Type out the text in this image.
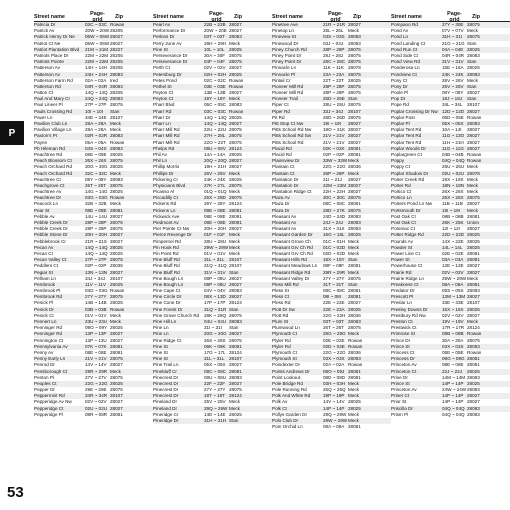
P
Street name	Page- grid	Zip
Patricia Dr	03C ~ 03C Rowan
Patrick Av	20W ~ 20W 28205
Patrick Henry Dr Ne	06W ~ 06W 28027
Patriot Ct Ne	06W ~ 06W 28027
Patriot Plantation Blvd	21M ~ 21M 28227
Patriots Place Dr	22M ~ 22M 28205
Patriots Pointe	22M ~ 22M 28205
Patterson Av	14H ~ 14H 28205
Patterson Av	24H ~ 24H 28083
Patterson Farm Rd	02A ~ 02A Ired
Patterson Rd	04R ~ 04R 28083
Patton Ct	14Q ~ 14Q 28205
Paul And Mary Cr	24Q ~ 24Q 28083
Paul Lineer Pl	27P ~ 27P 28075
Pauls Crossing Rd	10I ~ 10I	Stan
Paver Ln	34E ~ 34E 28107
Pavilion Club Ln	28A ~ 28A Meck
Pavilion Village Ln	28A ~ 28A Meck
Paxton's Pt	02R ~ 02R 28083
Payne	05A ~ 05A Rowan
Pb Hileman Rd	04S ~ 04S 28083
Peachtree Rd	06E ~ 06E 28025
Peach Blossom Ct	26X ~ 26X 28075
Peach Orchard Rd	30G ~ 30G 28025
Peach Orchard Rd	32C ~ 32C Meck
Peachtree Ct	08Y ~ 08Y 28083
Peachgrove Ct	26T ~ 26T 28075
Peachtree Av	14G ~ 14G 28025
Peachtree Dr	03G ~ 03G Rowan
Peacock Ln	32B ~ 32B Meck
Pear St	08E ~ 08E 28081
Pebble Av	14U ~ 14U 28027
Pebble Creek Dr	28P ~ 28P 28075
Pebble Creek Dr	28P ~ 28P 28075
Pebble Stone Dr	20H ~ 20H 28027
Pebblebrook Cr	21R ~ 21S 28027
Pecan Av	14Q ~ 14Q 28025
Pecan Ct	14Q ~ 14Q 28025
Pecan Valley Ct	27P ~ 27P 28075
Peddlers Ct	02P ~ 02P 28036
Pegiar St	13N ~ 13N 28027
Pelham Ln	34J ~ 34J	28107
Pembrook	11V ~ 11V 28025
Pembrook Pl	03G ~ 03G Rowan
Pembrook Rd	27Y ~ 27Y 28075
Penick Pl	14B ~ 14B 28025
Penick Dr	03B ~ 03B Rowan
Penick Ct	01V ~ 01V Meck
Pennert Ln	23U ~ 23U Meck
Penninger Rd	09O ~ 09Y 28025
Penninger Rd	13P ~ 13P 28027
Pennington Ct	13P ~ 13U 28027
Pennsylvania Av	07K ~ 07K 28081
Penny Av	08E ~ 08E 28081
Penny Early Ln	21V ~ 21V 28075
Penrod Dr	14V ~ 14V 28027
Pensborough Ct	29R ~ 29R Meck
Penton Pl	27V ~ 27V 28075
Peoples Ct	22G ~ 22G 28025
Pepper Dr	29E ~ 29E 28075
Peppermint Rd	34R ~ 34R 28107
Pepperidge Av Nw	02V ~ 02V 28027
Pepperidge Ct	02U ~ 02U 28027
Pepperidge Pl	08R ~ 08R 28081
Street name	Page- grid	Zip
Pearl Av	22B ~ 22B 28027
Performance Dr	20W ~ 20E 28027
Perkins Dr	03T ~ 03T 28083
Perry June Av	29H ~ 29H Meck
Pine St	10L ~ 10L 28025
Perseverance Dr	30A ~ 30F 28075
Perseverance Dr	04F ~ 04F 28075
Perth Ct	02V ~ 02V 28027
Petersburg Dr	02H ~ 02H 28025
Petes Pond	02C ~ 02C Rowan
Pethel St	03E ~ 03E Rowan
Peyton Ct	13B ~ 13B 28027
Peyton Ct	19Y ~ 19Y Meck
Pharr Blvd	05C ~ 05C 28083
Pharr Rd	03C ~ 03C Rowan
Pharr Dr	14Q ~ 14Q 28025
Pharr Ln	14Q ~ 14Q 28027
Pharr Mill Rd	22U ~ 22U 28075
Pharr Mill Rd	27H ~ 28L 28075
Pharr Mill Rd	22O ~ 22T 28075
Phelps Rd	08U ~ 06V 28124
Phil Av	14A ~ 14A 28025
Phil Ln	20Q ~ 20Q 28027
Phillip Morris	19H ~ 21H 28027
Phillips Dr	26V ~ 26V Meck
Pickering Cr	24K ~ 24K 28025
Physicians Blvd	27K ~ 27L 28075
Picasso Al	01Q ~ 01Q Meck
Piccadilly Cr	26X ~ 29D 28075
Pickens Rd	29Y ~ 29Y 28124
Pickens Ln	08E ~ 08E 28081
Pickwick Ave	08E ~ 08E 28081
Piedmont Av	08E ~ 08E 28081
Pier Pointe Ct Nw	20H ~ 20H 28027
Pierce Revenge Dr	01F ~ 01F Meck
Pimpernel Rd	28U ~ 28U Meck
Pin Hook Rd	29W ~ 29W Meck
Pin Point Rd	01V ~ 01V Meck
Pine Bluff Rd	31L ~ 31L 28107
Pine Bluff Rd	31Q ~ 31Q 28107
Pine Bluff Rd	31V ~ 31V Stan
Pine Bough Ln	08P ~ 08U 28027
Pine Bough Ln	08P ~ 08U 28027
Pine Cape Ct	04V ~ 04V 28083
Pine Circle Dr	08X ~ 13D 28027
Pine Cone Dr	17P ~ 17P 28124
Pine Forest Dr	31Q ~ 31R Stan
Pine Grove Church Rd	28K ~ 28Q 28075
Pine Hill Ln	04U ~ 04U 28083
Pine Ln	31I ~ 31I	Stan
Pine Ln	20G ~ 20G 28027
Pine Ridge Ct	26S ~ 26S 28075
Pine St	06K ~ 06K 28081
Pine St	17G ~ 17L 28124
Pine St	31L ~ 31L 28107
Pine Trail Ln	05X ~ 05X 28027
Pinebluff Cr	08C ~ 08C 28081
Pinecrest Dr	08U ~ 08U 28083
Pinecrest Dr	22F ~ 22F 28027
Pinecrest Dr	27Y ~ 27Y 28075
Pinecrest Dr	18T ~ 18T 28124
Pineland Dr	25V ~ 25V Meck
Pineland Dr	29Q ~ 29W Meck
Pineridge Cr	14E ~ 14E 28025
Pineridge Dr	31H ~ 31H Stan
Street name	Page- grid	Zip
Pinetree Ave	21R ~ 21R 28027
Pinetop Ln	26L ~ 26L Meck
Pineview St	03S ~ 03S 28083
Pinewood Dr	03J ~ 03J	28083
Piney Church Rd	28P ~ 28P 28075
Piney Point Dr	28J ~ 28J	28075
Piney Point Dr	28C ~ 28C 28075
Pinnacle Ln	11K ~ 11K 28078
Pinnacle Pl	23A ~ 23A 28075
Pintail Cr	22T ~ 22T 28025
Pioneer Mill Rd	28P ~ 28P 28075
Pioneer Mill Rd	28P ~ 28P 28075
Pioneer Trail	25D ~ 25E Stan
Piper Ct	28U ~ 28U 28075
Piper Rd	33J ~ 34J	28107
Pit Rd	26D ~ 26D 28075
Pitt Stop Ct Nw	19I ~ 19I	28027
Pitts School Rd Nw	19O ~ 21K 28027
Pitts School Rd Sw	21V ~ 21V 28027
Pitts School Rd	21V ~ 21V 28027
Placid Rd	02K ~ 02K 28081
Placid Rd	02P ~ 02P 28081
Plainsview Dr	33W ~ 33W Meck
Plantain Ct	22G ~ 22G 28036
Plantain Ct	26P ~ 26P Meck
Plantation Dr	21I ~ 21J	28027
Plantation Dr	22M ~ 22M 28027
Plantation Ridge Ct	22H ~ 22H 28027
Plaza Av	30C ~ 30C 28075
Plaza Dr	08C ~ 08C 28081
Plaza Dr	28D ~ 27K 28075
Pleasant Av	24D ~ 24D 28083
Pleasant Av	24J ~ 24J	28083
Pleasant Av	31X ~ 31X 28083
Pleasant Garden Dr	16G ~ 16L 28025
Pleasant Grove Ch	01C ~ 01H Meck
Pleasant Grv Ch Rd	01C ~ 02D Meck
Pleasant Grv Ch Rd	02D ~ 02D Meck
Pleasant Hills Rd	18X ~ 18Y Stan
Pleasant Meadows Ln	08F ~ 08F 28081
Pleasant Ridge Rd	29R ~ 29R Meck
Pleasant Valley Dr	27Y ~ 27Y 28075
Pless Mill Rd	31T ~ 31T Stan
Pless St	08C ~ 08C 28081
Pless Ct	08I ~ 08I	28081
Pless Rd	22E ~ 22E 28027
Plott Dr Sw	22E ~ 23A 28025
Plott Rd	22G ~ 22H 28036
Plum St	03T ~ 03T 28083
Plumwood Ln	26T ~ 26T 28075
Plymouth Ct	29G ~ 29G Meck
Plyler Rd	02E ~ 02E Rowan
Plyler Rd	02D ~ 02E Rowan
Plymouth Ct	22G ~ 22G 28036
Plymouth St	03X ~ 03X 28083
Poindexter Dr	02A ~ 02A Rowan
Points Andrews Dr	08O ~ 09J 28081
Point Lookout	08D ~ 08D 28081
Pole Bridge Rd	03H ~ 03H Meck
Pole Running Rd	25Q ~ 25Q Meck
Polk And White Rd	19P ~ 19P Meck
Polk Av	14V ~ 14V 28025
Polk Ct	14P ~ 14P 28025
Pollys Garden Dr	29Q ~ 29W Meck
Polo Club Dr	29W ~ 29W Meck
Pom Orchid Ln	08A ~ 08A 28081
Street name	Page- grid	Zip
Pompano Rd	27Y ~ 30E 28075
Pond Av	07V ~ 07V Meck
Pond Ln	31H ~ 31I	28075
Pond Landing Ct	21G ~ 21G Stan
Pond Run Ct	04A ~ 04E 28025
Pond Side Ct	04R ~ 04R 28083
Pond View Rd	31V ~ 31V Stan
Ponderosa Ln	15E ~ 16A 28025
Pondview Ct	24K ~ 24K 28083
Pony Ct	26V ~ 26V Meck
Pony Dr	25V ~ 25V Stan
Poole Pl	08Y ~ 08Y 28027
Pop Dr	18J ~ 18J	Stan
Pope Rd	34L ~ 34L 28107
Poplar Crossing Dr Nw 12D ~ 12D 28027
Poplar Post	05D ~ 05E Rowan
Poplar Pl	05X ~ 05X 28083
Poplar Tent Rd	10A ~ 14I	28027
Poplar Tent Rd	11G ~ 13O 28027
Poplar Tent Rd	11H ~ 21H 28027
Poplar Woods Dr	11G ~ 11G 28027
Poplargreen Ct	04B ~ 04B Rowan
Poppy	04Q ~ 04Q Rowan
Poppy Ct	26U ~ 26U Meck
Poplar Shadow Dr	02U ~ 02U 28078
Porter Creek Rd	19X ~ 19X Meck
Porter Rd	18N ~ 18N Meck
Portico Ct	26X ~ 26X Meck
Portico Ln	26X ~ 26X 28075
Porters Pond Ln Nw	11B ~ 11B 28027
Portsmouth Dr	19I ~ 19I	Meck
Post Oak Ct	08B ~ 08B 28081
Post Oak Ct	25K ~ 25K Union
Potomac Ct	12I ~ 12I	28027
Potter Ridge Rd	22D ~ 22D 28025
Pounds Av	14X ~ 22E 28025
Powder St	14L ~ 14L 28025
Power Line Ct	02E ~ 02E 28081
Power St	03A ~ 03A 28081
Powerhouse Ct	12E ~ 12E 28027
Prairie Rd	02V ~ 02V 28027
Prairie Ridge Ln	29W ~ 29W Meck
Preakness Ct	08A ~ 08A 28081
Predator Dr	05S ~ 05S 28083
Prescott Pl	13M ~ 13M 28027
Preslar Ln	33E ~ 33E 28107
Presley Downs Dr	15X ~ 15X 28025
Prestbury Rd Nw	02V ~ 02V 28027
Preston Ct	19V ~ 19V Meck
Prestwick Ct	17R ~ 17R 28124
Primrose St	08B ~ 08B Rowan
Prince Dr	30A ~ 30A 28075
Prince St	03X ~ 03X 28083
Princess Ct	05E ~ 05E Rowan
Princess Dr	08G ~ 08G 28081
Princeton Av	08E ~ 08E 28081
Princeton Ct	22J ~ 22J	28025
Prine Dr	14M ~ 14M 28083
Prince St	14P ~ 14P 28025
Princeton Av	24W ~ 24W 28083
Priner Ct	14P ~ 14P 28027
Prior St	14P ~ 14P 28027
Priscilla Dr	04Q ~ 04Q 28083
Prism Pl	04Q ~ 04Q 28083
53
